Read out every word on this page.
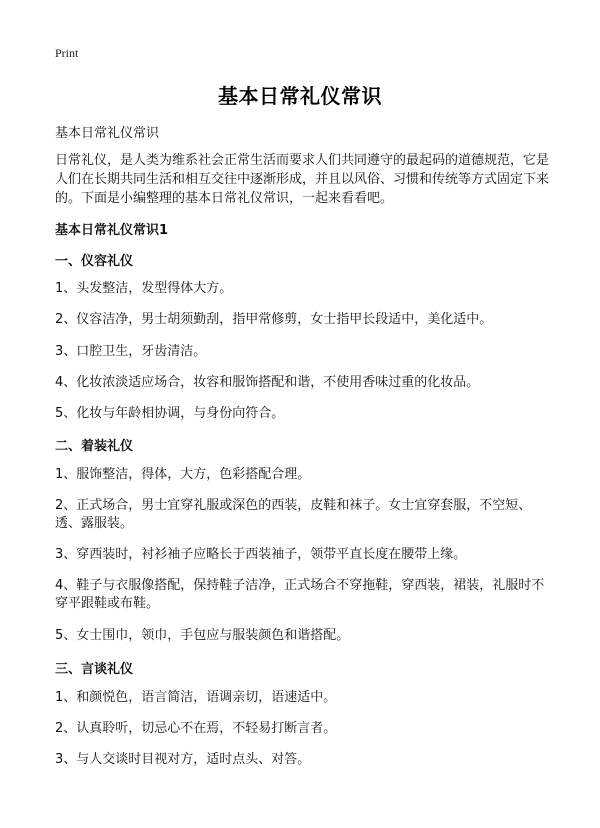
Print
基本日常礼仪常识
基本日常礼仪常识
日常礼仪，是人类为维系社会正常生活而要求人们共同遵守的最起码的道德规范，它是人们在长期共同生活和相互交往中逐渐形成，并且以风俗、习惯和传统等方式固定下来的。下面是小编整理的基本日常礼仪常识，一起来看看吧。
基本日常礼仪常识1
一、仪容礼仪
1、头发整洁，发型得体大方。
2、仪容洁净，男士胡须勤刮，指甲常修剪，女士指甲长段适中，美化适中。
3、口腔卫生，牙齿清洁。
4、化妆浓淡适应场合，妆容和服饰搭配和谐，不使用香味过重的化妆品。
5、化妆与年龄相协调，与身份向符合。
二、着装礼仪
1、服饰整洁，得体，大方，色彩搭配合理。
2、正式场合，男士宜穿礼服或深色的西装，皮鞋和袜子。女士宜穿套服，不空短、透、露服装。
3、穿西装时，衬衫袖子应略长于西装袖子，领带平直长度在腰带上缘。
4、鞋子与衣服像搭配，保持鞋子洁净，正式场合不穿拖鞋，穿西装，裙装，礼服时不穿平跟鞋或布鞋。
5、女士围巾，领巾，手包应与服装颜色和谐搭配。
三、言谈礼仪
1、和颜悦色，语言简洁，语调亲切，语速适中。
2、认真聆听，切忌心不在焉，不轻易打断言者。
3、与人交谈时目视对方，适时点头、对答。
